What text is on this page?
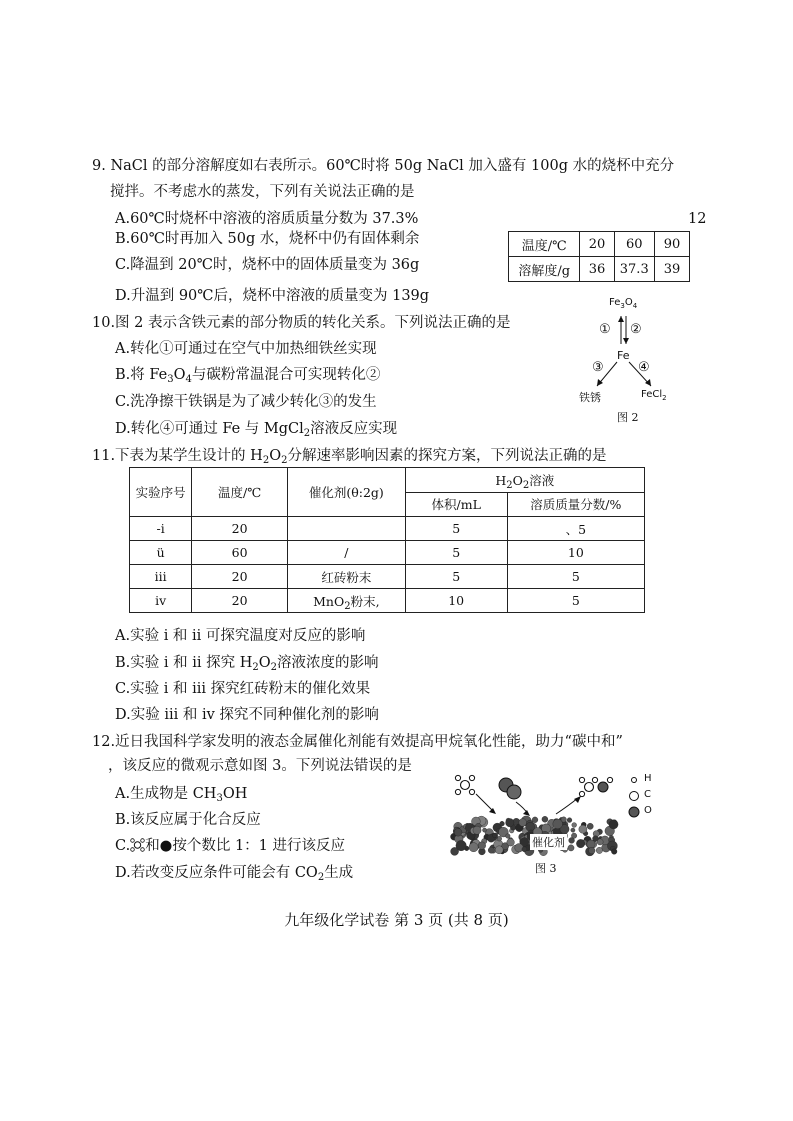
9. NaCl 的部分溶解度如右表所示。60℃时将 50g NaCl 加入盛有 100g 水的烧杯中充分
搅拌。不考虑水的蒸发，下列有关说法正确的是
A.60℃时烧杯中溶液的溶质质量分数为 37.3%	12
B.60℃时再加入 50g 水，烧杯中仍有固体剩余
C.降温到 20℃时，烧杯中的固体质量变为 36g
D.升温到 90℃后，烧杯中溶液的质量变为 139g
温度/℃	20	60	90
溶解度/g	36	37.3	39
10.图 2 表示含铁元素的部分物质的转化关系。下列说法正确的是
A.转化①可通过在空气中加热细铁丝实现
B.将 $Fe_3O_4$与碳粉常温混合可实现转化②
C.洗净擦干铁锅是为了减少转化③的发生
D.转化④可通过 Fe 与 MgCl$_2$溶液反应实现
$Fe_3O_4$
① ②
Fe
③	④
铁锈	FeCl$_2$
图 2
11.下表为某学生设计的 $H_2O_2$分解速率影响因素的探究方案，下列说法正确的是
实验序号	温度/℃	催化剂(θ:2g)	$H_2O_2$溶液	
			体积/mL	溶质质量分数/%
-i	20		5	、5
ü	60	/	5	10
iii	20	红砖粉末	5	5
iv	20	MnO$_2$粉末,	10	5
A.实验 i 和 ii 可探究温度对反应的影响
B.实验 i 和 ii 探究 $H_2O_2$溶液浓度的影响
C.实验 i 和 iii 探究红砖粉末的催化效果
D.实验 iii 和 iv 探究不同种催化剂的影响
12.近日我国科学家发明的液态金属催化剂能有效提高甲烷氧化性能，助力“碳中和”
，该反应的微观示意如图 3。下列说法错误的是
A.生成物是 $CH_3OH$
B.该反应属于化合反应
C. 和●按个数比 1：1 进行该反应
D.若改变反应条件可能会有 $CO_2$生成
H
C
O
催化剂
图 3
九年级化学试卷 第 3 页 (共 8 页)
